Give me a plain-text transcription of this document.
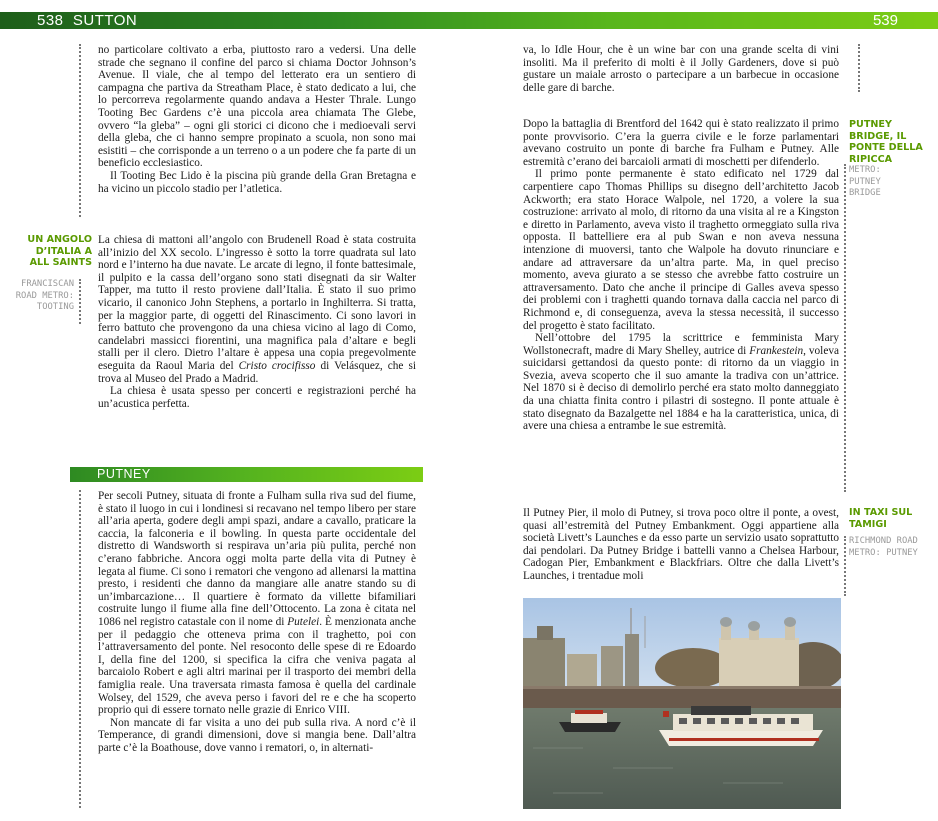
538 SUTTON	539

no particolare coltivato a erba, piuttosto raro a vedersi. Una delle strade che segnano il confine del parco si chiama Doctor Johnson’s Avenue. Il viale, che al tempo del letterato era un sentiero di campagna che partiva da Streatham Place, è stato dedicato a lui, che lo percorreva regolarmente quando andava a Hester Thrale. Lungo Tooting Bec Gardens c’è una piccola area chiamata The Glebe, ovvero “la gleba” – ogni gli storici ci dicono che i medioevali servi della gleba, che ci hanno sempre propinato a scuola, non sono mai esistiti – che corrisponde a un terreno o a un podere che fa parte di un beneficio ecclesiastico.

Il Tooting Bec Lido è la piscina più grande della Gran Bretagna e ha vicino un piccolo stadio per l’atletica.

UN ANGOLO D’ITALIA A ALL SAINTS
FRANCISCAN ROAD METRO: TOOTING

La chiesa di mattoni all’angolo con Brudenell Road è stata costruita all’inizio del XX secolo. L’ingresso è sotto la torre quadrata sul lato nord e l’interno ha due navate. Le arcate di legno, il fonte battesimale, il pulpito e la cassa dell’organo sono stati disegnati da sir Walter Tapper, ma tutto il resto proviene dall’Italia. È stato il suo primo vicario, il canonico John Stephens, a portarlo in Inghilterra. Si tratta, per la maggior parte, di oggetti del Rinascimento. Ci sono lavori in ferro battuto che provengono da una chiesa vicino al lago di Como, candelabri massicci fiorentini, una magnifica pala d’altare e begli stalli per il clero. Dietro l’altare è appesa una copia pregevolmente eseguita da Raoul Maria del Cristo crocifisso di Velásquez, che si trova al Museo del Prado a Madrid.

La chiesa è usata spesso per concerti e registrazioni perché ha un’acustica perfetta.

PUTNEY

Per secoli Putney, situata di fronte a Fulham sulla riva sud del fiume, è stato il luogo in cui i londinesi si recavano nel tempo libero per stare all’aria aperta, godere degli ampi spazi, andare a cavallo, praticare la caccia, la falconeria e il bowling. In questa parte occidentale del distretto di Wandsworth si respirava un’aria più pulita, perché non c’erano fabbriche. Ancora oggi molta parte della vita di Putney è legata al fiume. Ci sono i rematori che vengono ad allenarsi la mattina presto, i residenti che danno da mangiare alle anatre stando su di un’imbarcazione… Il quartiere è formato da villette bifamiliari costruite lungo il fiume alla fine dell’Ottocento. La zona è citata nel 1086 nel registro catastale con il nome di Putelei. È menzionata anche per il pedaggio che otteneva prima con il traghetto, poi con l’attraversamento del ponte. Nel resoconto delle spese di re Edoardo I, della fine del 1200, si specifica la cifra che veniva pagata al barcaiolo Robert e agli altri marinai per il trasporto dei membri della famiglia reale. Una traversata rimasta famosa è quella del cardinale Wolsey, del 1529, che aveva perso i favori del re e che ha scoperto proprio qui di essere tornato nelle grazie di Enrico VIII.

Non mancate di far visita a uno dei pub sulla riva. A nord c’è il Temperance, di grandi dimensioni, dove si mangia bene. Dall’altra parte c’è la Boathouse, dove vanno i rematori, o, in alternati-

va, lo Idle Hour, che è un wine bar con una grande scelta di vini insoliti. Ma il preferito di molti è il Jolly Gardeners, dove si può gustare un maiale arrosto o partecipare a un barbecue in occasione delle gare di barche.

Dopo la battaglia di Brentford del 1642 qui è stato realizzato il primo ponte provvisorio. C’era la guerra civile e le forze parlamentari avevano costruito un ponte di barche fra Fulham e Putney. Alle estremità c’erano dei barcaioli armati di moschetti per difenderlo.

Il primo ponte permanente è stato edificato nel 1729 dal carpentiere capo Thomas Phillips su disegno dell’architetto Jacob Ackworth; era stato Horace Walpole, nel 1720, a volere la sua costruzione: arrivato al molo, di ritorno da una visita al re a Kingston e diretto in Parlamento, aveva visto il traghetto ormeggiato sulla riva opposta. Il battelliere era al pub Swan e non aveva nessuna intenzione di muoversi, tanto che Walpole ha dovuto rinunciare e andare ad attraversare da un’altra parte. Ma, in quel preciso momento, aveva giurato a se stesso che avrebbe fatto costruire un attraversamento. Dato che anche il principe di Galles aveva spesso dei problemi con i traghetti quando tornava dalla caccia nel parco di Richmond e, di conseguenza, aveva la stessa necessità, il successo del progetto è stato facilitato.

Nell’ottobre del 1795 la scrittrice e femminista Mary Wollstonecraft, madre di Mary Shelley, autrice di Frankestein, voleva suicidarsi gettandosi da questo ponte: di ritorno da un viaggio in Svezia, aveva scoperto che il suo amante la tradiva con un’attrice. Nel 1870 si è deciso di demolirlo perché era stato molto danneggiato da una chiatta finita contro i pilastri di sostegno. Il ponte attuale è stato disegnato da Bazalgette nel 1884 e ha la caratteristica, unica, di avere una chiesa a entrambe le sue estremità.

PUTNEY BRIDGE, IL PONTE DELLA RIPICCA
METRO: PUTNEY BRIDGE

Il Putney Pier, il molo di Putney, si trova poco oltre il ponte, a ovest, quasi all’estremità del Putney Embankment. Oggi appartiene alla società Livett’s Launches e da esso parte un servizio usato soprattutto dai pendolari. Da Putney Bridge i battelli vanno a Chelsea Harbour, Cadogan Pier, Embankment e Blackfriars. Oltre che dalla Livett’s Launches, i trentadue moli

IN TAXI SUL TAMIGI
RICHMOND ROAD METRO: PUTNEY
